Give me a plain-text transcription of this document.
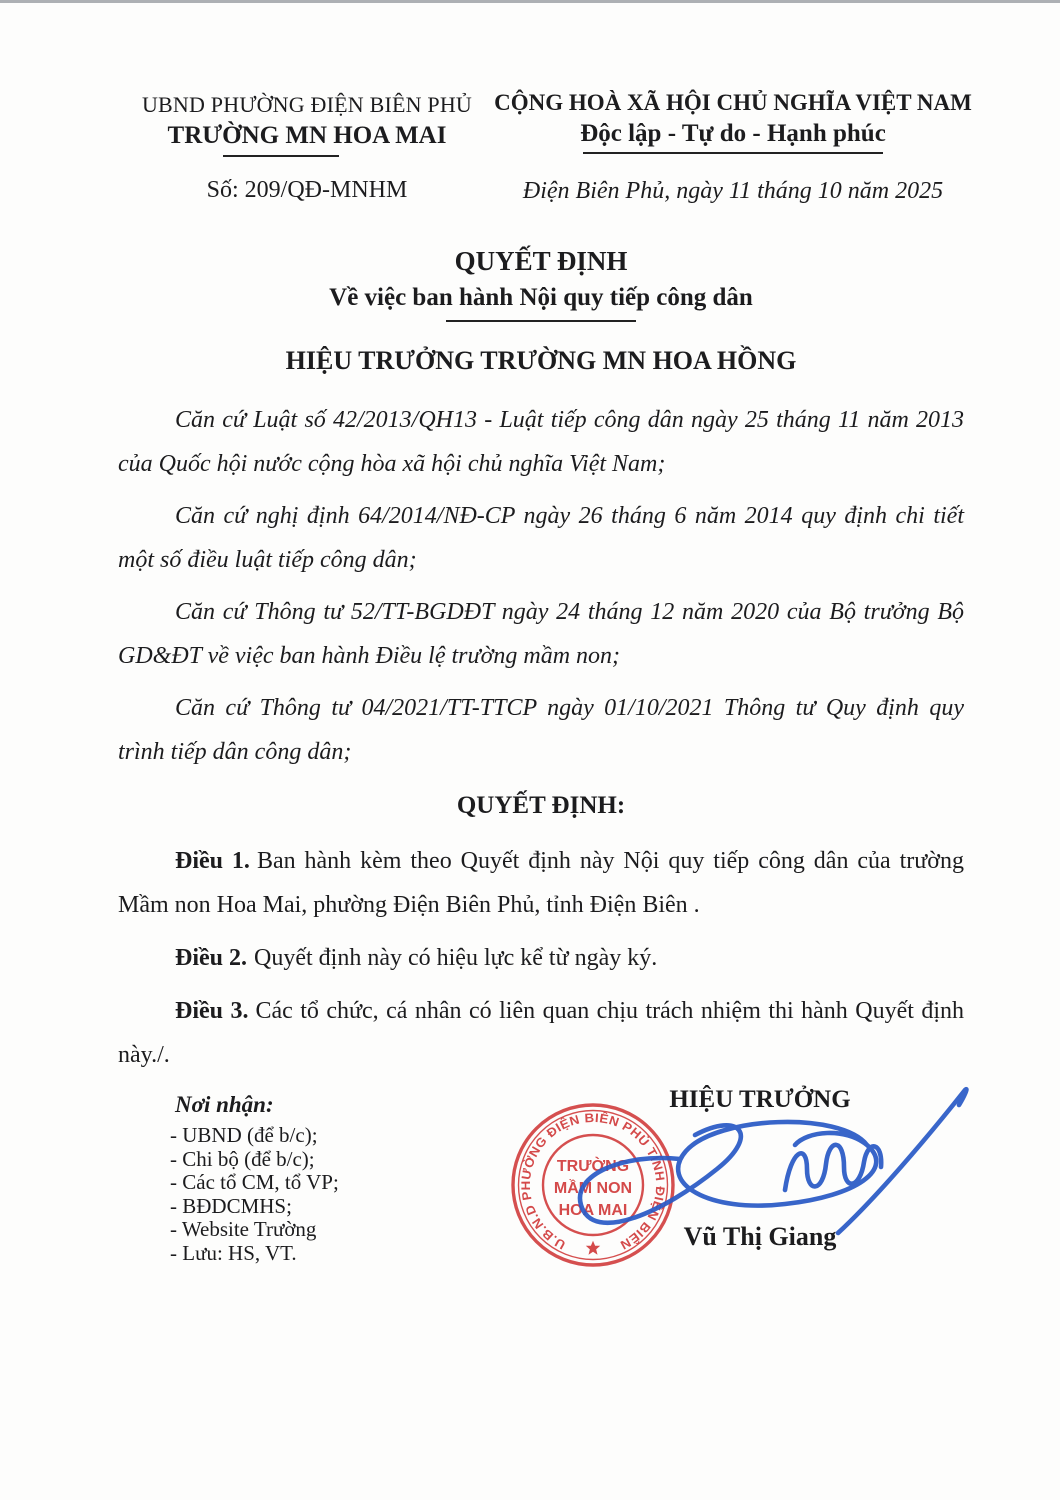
UBND PHƯỜNG ĐIỆN BIÊN PHỦ
TRƯỜNG MN HOA MAI
Số: 209/QĐ-MNHM
CỘNG HOÀ XÃ HỘI CHỦ NGHĨA VIỆT NAM
Độc lập - Tự do - Hạnh phúc
Điện Biên Phủ, ngày 11 tháng 10 năm 2025
QUYẾT ĐỊNH
Về việc ban hành Nội quy tiếp công dân
HIỆU TRƯỞNG TRƯỜNG MN HOA HỒNG

Căn cứ Luật số 42/2013/QH13 - Luật tiếp công dân ngày 25 tháng 11 năm 2013 của Quốc hội nước cộng hòa xã hội chủ nghĩa Việt Nam;

Căn cứ nghị định 64/2014/NĐ-CP ngày 26 tháng 6 năm 2014 quy định chi tiết một số điều luật tiếp công dân;

Căn cứ Thông tư 52/TT-BGDĐT ngày 24 tháng 12 năm 2020 của Bộ trưởng Bộ GD&ĐT về việc ban hành Điều lệ trường mầm non;

Căn cứ Thông tư 04/2021/TT-TTCP ngày 01/10/2021 Thông tư Quy định quy trình tiếp dân công dân;

QUYẾT ĐỊNH:

Điều 1. Ban hành kèm theo Quyết định này Nội quy tiếp công dân của trường Mầm non Hoa Mai, phường Điện Biên Phủ, tỉnh Điện Biên .

Điều 2. Quyết định này có hiệu lực kể từ ngày ký.

Điều 3. Các tổ chức, cá nhân có liên quan chịu trách nhiệm thi hành Quyết định này./.

Nơi nhận:
- UBND (để b/c);
- Chi bộ (để b/c);
- Các tổ CM, tổ VP;
- BĐDCMHS;
- Website Trường
- Lưu: HS, VT.
HIỆU TRƯỞNG
U.B.N.D PHƯỜNG ĐIỆN BIÊN PHỦ TỈNH ĐIỆN BIÊN
TRƯỜNG
MẦM NON
HOA MAI
Vũ Thị Giang
